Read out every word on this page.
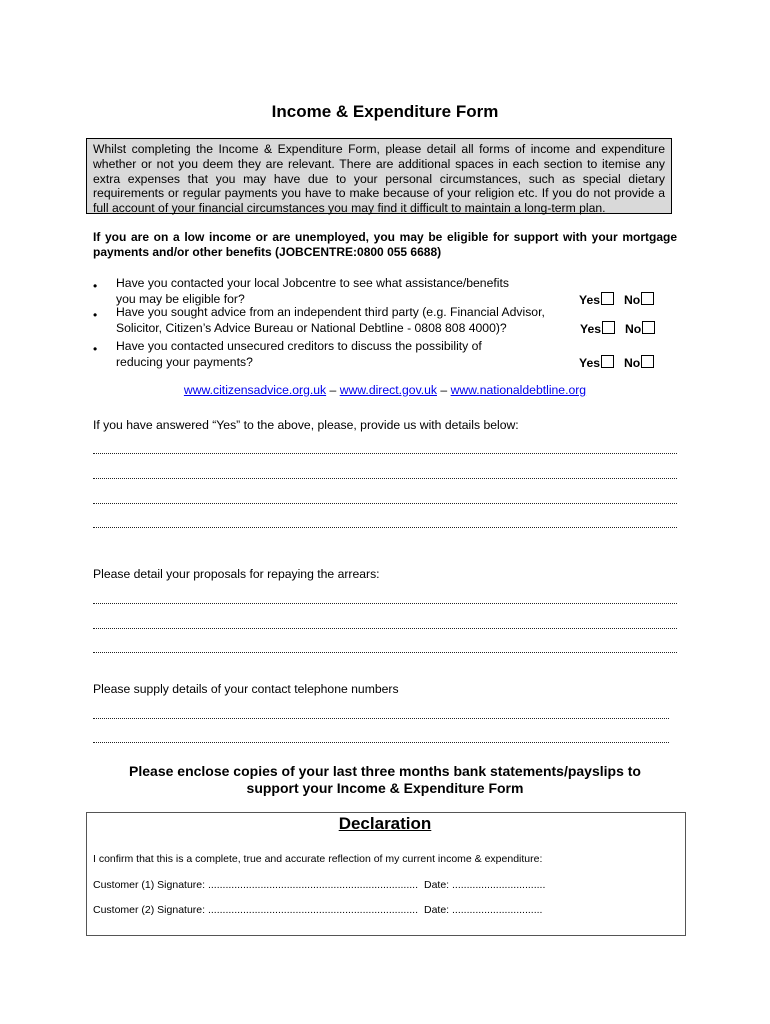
Income & Expenditure Form
Whilst completing the Income & Expenditure Form, please detail all forms of income and expenditure whether or not you deem they are relevant. There are additional spaces in each section to itemise any extra expenses that you may have due to your personal circumstances, such as special dietary requirements or regular payments you have to make because of your religion etc. If you do not provide a full account of your financial circumstances you may find it difficult to maintain a long-term plan.
If you are on a low income or are unemployed, you may be eligible for support with your mortgage payments and/or other benefits (JOBCENTRE:0800 055 6688)
• Have you contacted your local Jobcentre to see what assistance/benefits
you may be eligible for?	Yes	No
• Have you sought advice from an independent third party (e.g. Financial Advisor,
Solicitor, Citizen’s Advice Bureau or National Debtline - 0808 808 4000)?	Yes	No
• Have you contacted unsecured creditors to discuss the possibility of
reducing your payments?	Yes	No
www.citizensadvice.org.uk – www.direct.gov.uk – www.nationaldebtline.org
If you have answered “Yes” to the above, please, provide us with details below:
Please detail your proposals for repaying the arrears:
Please supply details of your contact telephone numbers
Please enclose copies of your last three months bank statements/payslips to
support your Income & Expenditure Form
Declaration
I confirm that this is a complete, true and accurate reflection of my current income & expenditure:
Customer (1) Signature: ........................................................................ Date: ................................
Customer (2) Signature: ........................................................................ Date: ...............................
